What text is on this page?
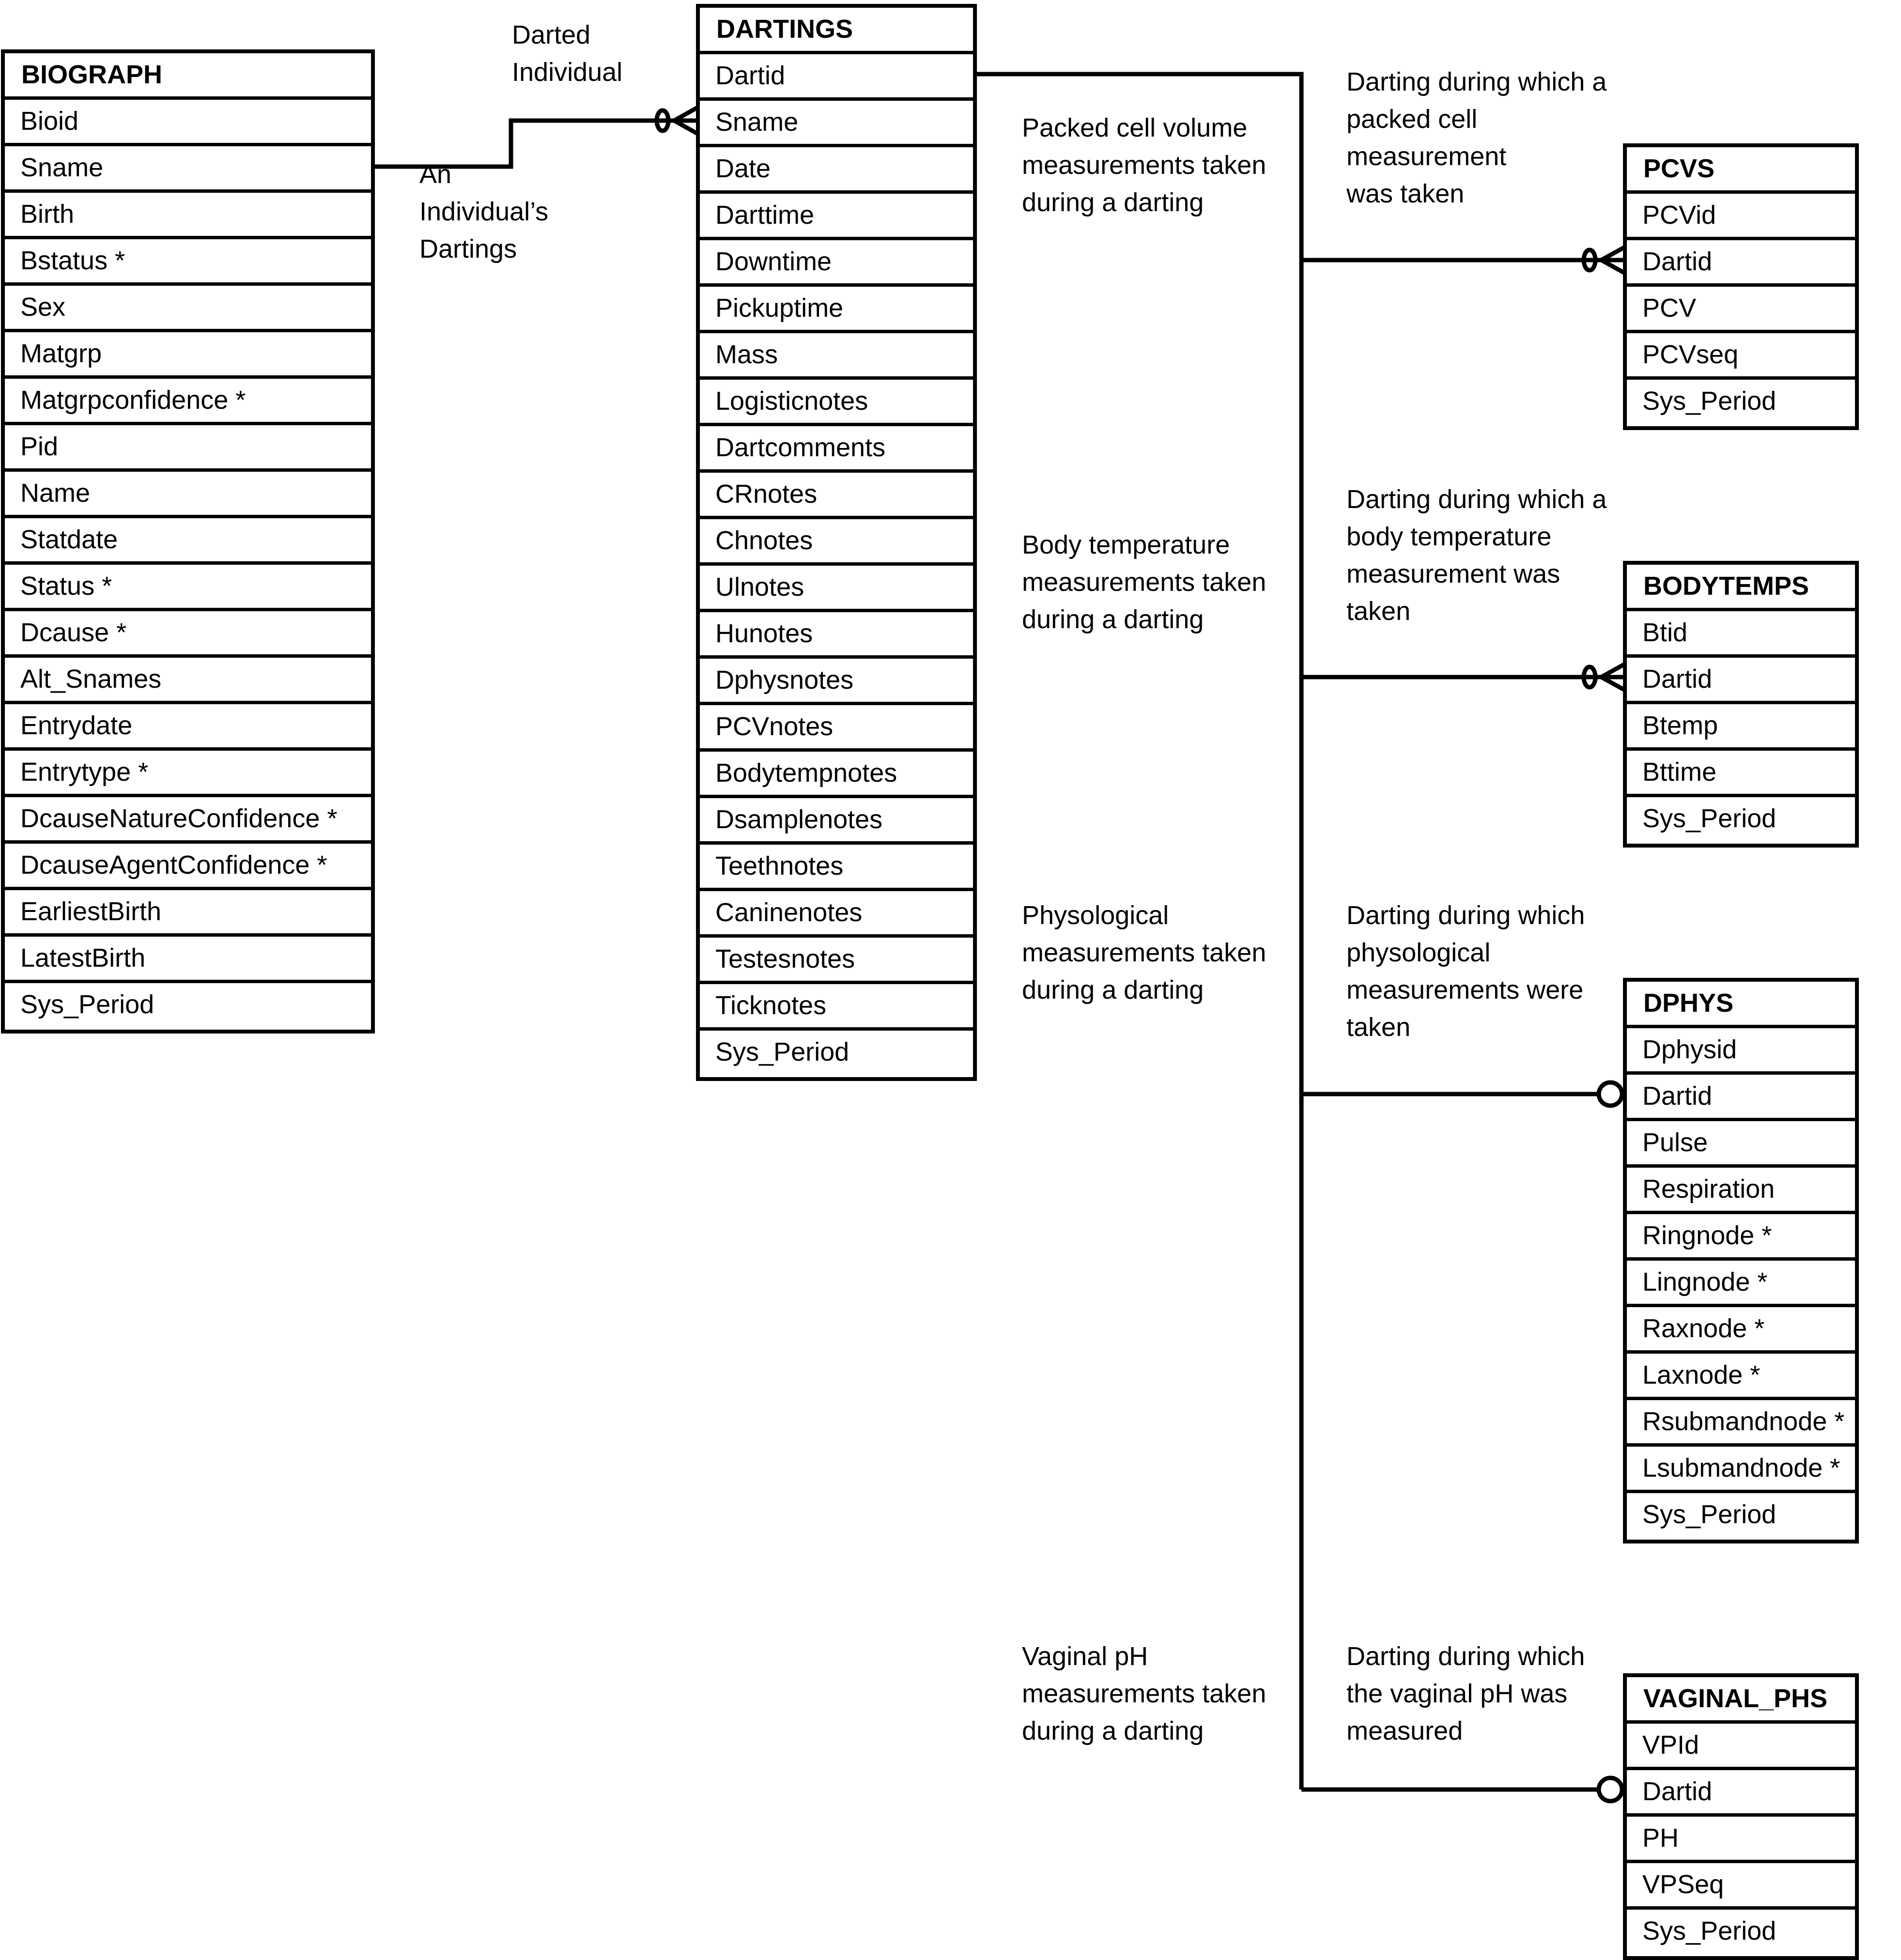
BIOGRAPH
Bioid
Sname
Birth
Bstatus *
Sex
Matgrp
Matgrpconfidence *
Pid
Name
Statdate
Status *
Dcause *
Alt_Snames
Entrydate
Entrytype *
DcauseNatureConfidence *
DcauseAgentConfidence *
EarliestBirth
LatestBirth
Sys_Period
DARTINGS
Dartid
Sname
Date
Darttime
Downtime
Pickuptime
Mass
Logisticnotes
Dartcomments
CRnotes
Chnotes
Ulnotes
Hunotes
Dphysnotes
PCVnotes
Bodytempnotes
Dsamplenotes
Teethnotes
Caninenotes
Testesnotes
Ticknotes
Sys_Period
PCVS
PCVid
Dartid
PCV
PCVseq
Sys_Period
BODYTEMPS
Btid
Dartid
Btemp
Bttime
Sys_Period
DPHYS
Dphysid
Dartid
Pulse
Respiration
Ringnode *
Lingnode *
Raxnode *
Laxnode *
Rsubmandnode *
Lsubmandnode *
Sys_Period
VAGINAL_PHS
VPId
Dartid
PH
VPSeq
Sys_Period
Darted
Individual
An
Individual’s
Dartings
Packed cell volume
measurements taken
during a darting
Darting during which a
packed cell
measurement
was taken
Body temperature
measurements taken
during a darting
Darting during which a
body temperature
measurement was
taken
Physological
measurements taken
during a darting
Darting during which
physological
measurements were
taken
Vaginal pH
measurements taken
during a darting
Darting during which
the vaginal pH was
measured
